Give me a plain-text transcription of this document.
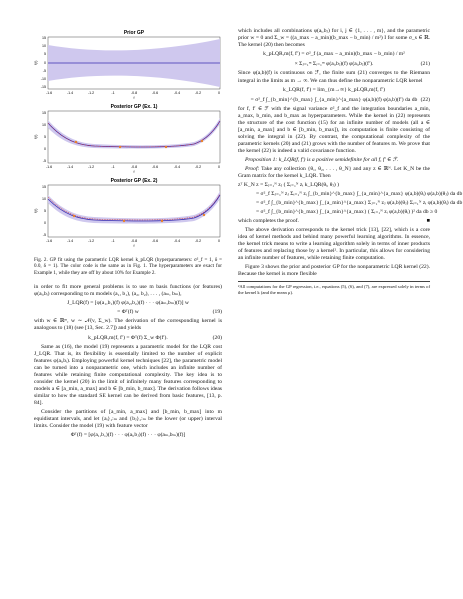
Prior GP
15
10
5
0
-5
-10
-15
f(f)
-1.6	-1.4	-1.2	-1	-0.8	-0.6	-0.4	-0.2	0
f
Posterior GP (Ex. 1)
15
10
5
0
-5
f(f)
-1.6	-1.4	-1.2	-1	-0.8	-0.6	-0.4	-0.2	0
f
Posterior GP (Ex. 2)
15
10
5
0
-5
f(f)
-1.6	-1.4	-1.2	-1	-0.8	-0.6	-0.4	-0.2	0
f

Fig. 2. GP fit using the parametric LQR kernel k_pLQR (hyperparameters: σ²_f = 1, δ = 0.0, δ = 1). The color code is the same as in Fig. 1. The hyperparameters are exact for Example 1, while they are off by about 10% for Example 2.

in order to fit more general problems is to use m basis functions (or features) φ(aᵢ,bᵢ) corresponding to m models (a₁, b₁), (a₂, b₂), . . . , (aₘ, bₘ),

J_LQR(f) = [φ(a₁,b₁)(f) φ(a₂,b₂)(f) · · · φ(aₘ,bₘ)(f)] w
= Φᵀ(f) w	(19)

with w ∈ ℝᵐ, w ∼ 𝒩(v, Σ_w). The derivation of the corresponding kernel is analogous to (18) (see [13, Sec. 2.7]) and yields

k_pLQR,m(f, f′) = Φᵀ(f) Σ_w Φ(f′).	(20)

Same as (16), the model (19) represents a parametric model for the LQR cost J_LQR. That is, its flexibility is essentially limited to the number of explicit features φ(aᵢ,bᵢ). Employing powerful kernel techniques [22], the parametric model can be turned into a nonparametric one, which includes an infinite number of features while retaining finite computational complexity. The key idea is to consider the kernel (20) in the limit of infinitely many features corresponding to models a ∈ [a_min, a_max] and b ∈ [b_min, b_max]. The derivation follows ideas similar to how the standard SE kernel can be derived from basic features, [13, p. 84].

Consider the partitions of [a_min, a_max] and [b_min, b_max] into m equidistant intervals, and let {aᵢ}₁:ₘ and {bⱼ}₁:ₘ be the lower (or upper) interval limits. Consider the model (19) with feature vector

Φᵀ(f) = [φ(a₁,b₁)(f) · · · φ(aᵢ,bⱼ)(f) · · · φ(aₘ,bₘ)(f)]

which includes all combinations φ(aᵢ,bⱼ) for i, j ∈ {1, . . . , m}, and the parametric prior w = 0 and Σ_w = ((a_max − a_min)(b_max − b_min) / m²) I for some σ_s ∈ ℝ. The kernel (20) then becomes

k_pLQR,m(f, f′) = σ²_f (a_max − a_min)(b_max − b_min) / m²
× Σⱼ₌₁ᵐ Σᵢ₌₁ᵐ φ(aᵢ,bⱼ)(f) φ(aᵢ,bⱼ)(f′).	(21)

Since φ(a,b)(f) is continuous on ℱ, the finite sum (21) converges to the Riemann integral in the limits as m → ∞. We can thus define the nonparametric LQR kernel

k_LQR(f, f′) = lim_{m→∞} k_pLQR,m(f, f′)
= σ²_f ∫_{b_min}^{b_max} ∫_{a_min}^{a_max} φ(a,b)(f) φ(a,b)(f′) da db (22)

for f, f′ ∈ ℱ with the signal variance σ²_f and the integration boundaries a_min, a_max, b_min, and b_max as hyperparameters. While the kernel in (22) represents the structure of the cost function (15) for an infinite number of models (all a ∈ [a_min, a_max] and b ∈ [b_min, b_max]), its computation is finite consisting of solving the integral in (22). By contrast, the computational complexity of the parametric kernels (20) and (21) grows with the number of features m. We prove that the kernel (22) is indeed a valid covariance function.

Proposition 1: k_LQR(f, f′) is a positive semidefinite for all f, f′ ∈ ℱ.

Proof: Take any collection {θ₁, θ₂, . . . , θ_N} and any z ∈ ℝᴺ. Let K_N be the Gram matrix for the kernel k_LQR. Then

zᵀ K_N z = Σⱼ₌₁ᴺ zⱼ ( Σᵢ₌₁ᴺ zᵢ k_LQR(θᵢ, θⱼ) )
= σ²_f Σⱼ₌₁ᴺ zⱼ Σᵢ₌₁ᴺ zᵢ ∫_{b_min}^{b_max} ∫_{a_min}^{a_max} φ(a,b)(θᵢ) φ(a,b)(θⱼ) da db
= σ²_f ∫_{b_min}^{b_max} ∫_{a_min}^{a_max} Σⱼ₌₁ᴺ zⱼ φ(a,b)(θⱼ) Σᵢ₌₁ᴺ zᵢ φ(a,b)(θᵢ) da db
= σ²_f ∫_{b_min}^{b_max} ∫_{a_min}^{a_max} ( Σᵢ₌₁ᴺ zᵢ φ(a,b)(θᵢ) )² da db ≥ 0

which completes the proof.	■

The above derivation corresponds to the kernel trick [13], [22], which is a core idea of kernel methods and behind many powerful learning algorithms. In essence, the kernel trick means to write a learning algorithm solely in terms of inner products of features and replacing those by a kernel². In particular, this allows for considering an infinite number of features, while retaining finite computation.

Figure 3 shows the prior and posterior GP for the nonparametric LQR kernel (22). Because the kernel is more flexible

²All computations for the GP regression, i.e., equations (5), (6), and (7), are expressed solely in terms of the kernel k (and the mean μ).
